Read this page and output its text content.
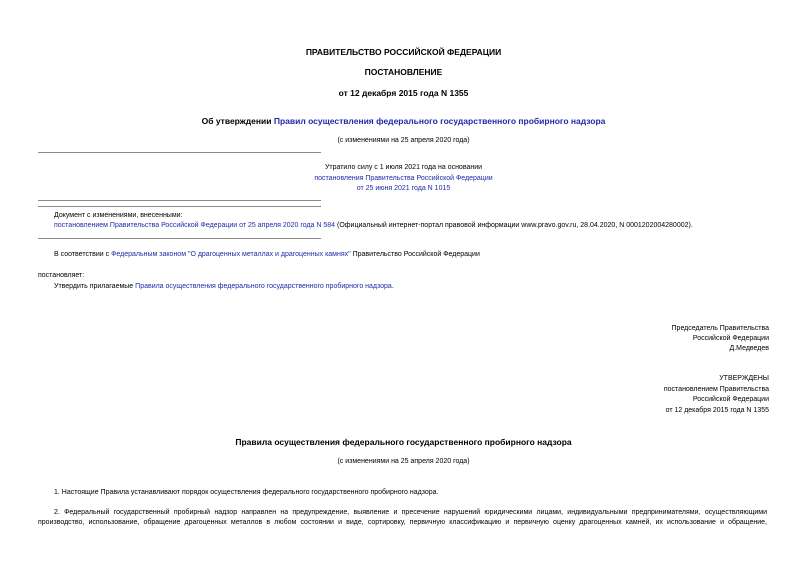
ПРАВИТЕЛЬСТВО РОССИЙСКОЙ ФЕДЕРАЦИИ
ПОСТАНОВЛЕНИЕ
от 12 декабря 2015 года N 1355
Об утверждении Правил осуществления федерального государственного пробирного надзора
(с изменениями на 25 апреля 2020 года)
Утратило силу с 1 июля 2021 года на основании
постановления Правительства Российской Федерации
от 25 июня 2021 года N 1015
Документ с изменениями, внесенными:
постановлением Правительства Российской Федерации от 25 апреля 2020 года N 584 (Официальный интернет-портал правовой информации www.pravo.gov.ru, 28.04.2020, N 0001202004280002).
В соответствии с Федеральным законом "О драгоценных металлах и драгоценных камнях" Правительство Российской Федерации
постановляет:
Утвердить прилагаемые Правила осуществления федерального государственного пробирного надзора.
Председатель Правительства
Российской Федерации
Д.Медведев
УТВЕРЖДЕНЫ
постановлением Правительства
Российской Федерации
от 12 декабря 2015 года N 1355
Правила осуществления федерального государственного пробирного надзора
(с изменениями на 25 апреля 2020 года)
1. Настоящие Правила устанавливают порядок осуществления федерального государственного пробирного надзора.
2. Федеральный государственный пробирный надзор направлен на предупреждение, выявление и пресечение нарушений юридическими лицами, индивидуальными предпринимателями, осуществляющими
производство, использование, обращение драгоценных металлов в любом состоянии и виде, сортировку, первичную классификацию и первичную оценку драгоценных камней, их использование и обращение,
